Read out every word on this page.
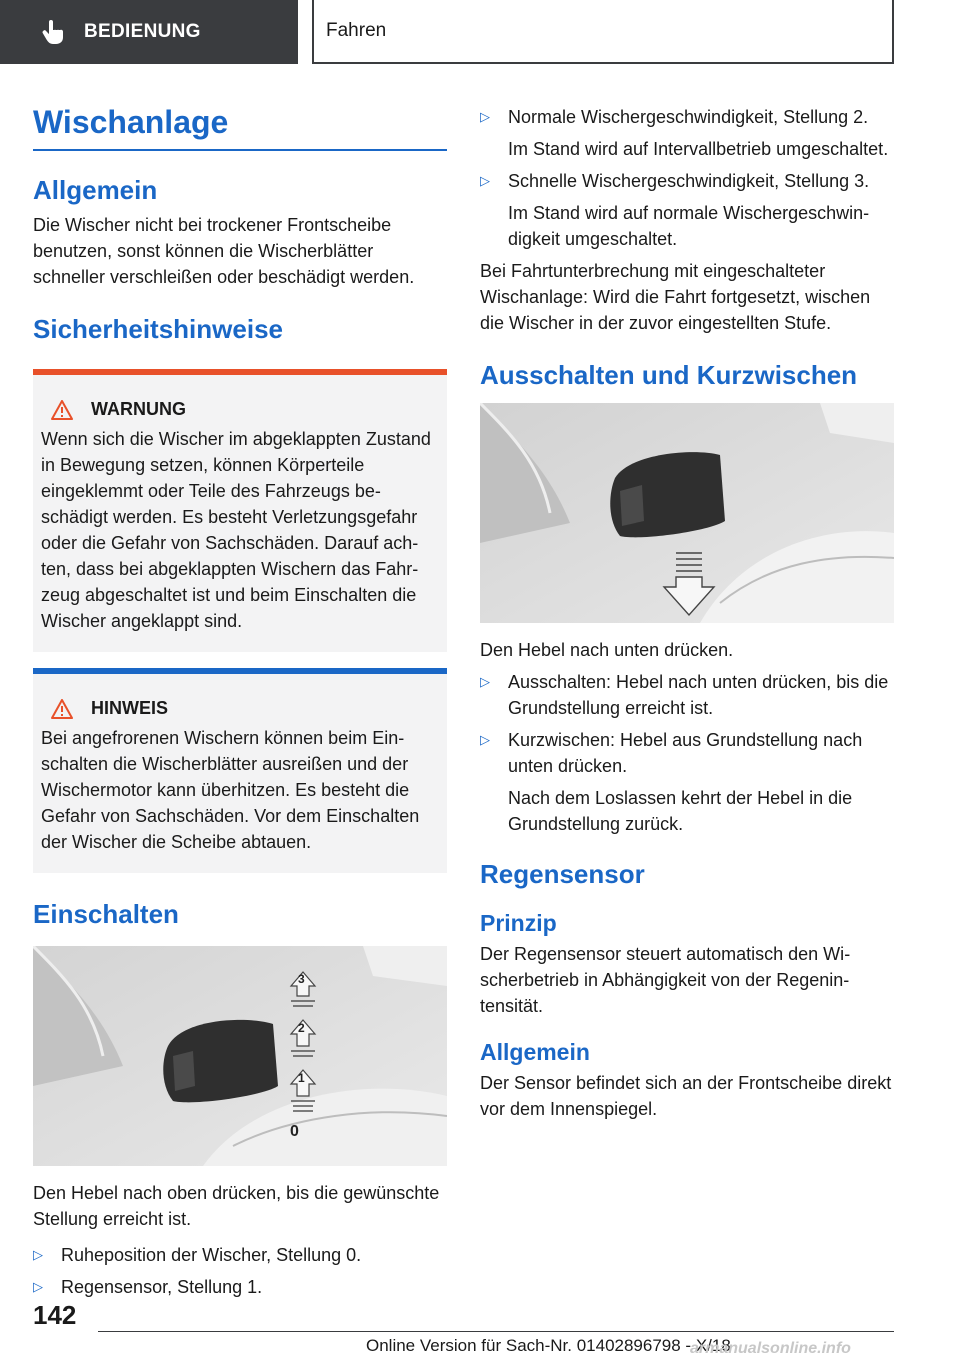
BEDIENUNG	Fahren
Wischanlage
Allgemein

Die Wischer nicht bei trockener Frontscheibe benutzen, sonst können die Wischerblätter schneller verschleißen oder beschädigt werden.

Sicherheitshinweise
WARNUNG

Wenn sich die Wischer im abgeklappten Zustand in Bewegung setzen, können Körperteile eingeklemmt oder Teile des Fahrzeugs beschädigt werden. Es besteht Verletzungsgefahr oder die Gefahr von Sachschäden. Darauf achten, dass bei abgeklappten Wischern das Fahrzeug abgeschaltet ist und beim Einschalten die Wischer angeklappt sind.

HINWEIS

Bei angefrorenen Wischern können beim Einschalten die Wischerblätter ausreißen und der Wischermotor kann überhitzen. Es besteht die Gefahr von Sachschäden. Vor dem Einschalten der Wischer die Scheibe abtauen.

Einschalten
3
2
1
0

Den Hebel nach oben drücken, bis die gewünschte Stellung erreicht ist.

▷	Ruheposition der Wischer, Stellung 0.
▷	Regensensor, Stellung 1.
▷	Normale Wischergeschwindigkeit, Stellung 2.
Im Stand wird auf Intervallbetrieb umgeschaltet.
▷	Schnelle Wischergeschwindigkeit, Stellung 3.
Im Stand wird auf normale Wischergeschwindigkeit umgeschaltet.

Bei Fahrtunterbrechung mit eingeschalteter Wischanlage: Wird die Fahrt fortgesetzt, wischen die Wischer in der zuvor eingestellten Stufe.

Ausschalten und Kurzwischen

Den Hebel nach unten drücken.

▷	Ausschalten: Hebel nach unten drücken, bis die Grundstellung erreicht ist.
▷	Kurzwischen: Hebel aus Grundstellung nach unten drücken.
Nach dem Loslassen kehrt der Hebel in die Grundstellung zurück.
Regensensor
Prinzip

Der Regensensor steuert automatisch den Wischerbetrieb in Abhängigkeit von der Regenintensität.

Allgemein

Der Sensor befindet sich an der Frontscheibe direkt vor dem Innenspiegel.

142
Online Version für Sach-Nr. 01402896798 - X/18
armanualsonline.info
